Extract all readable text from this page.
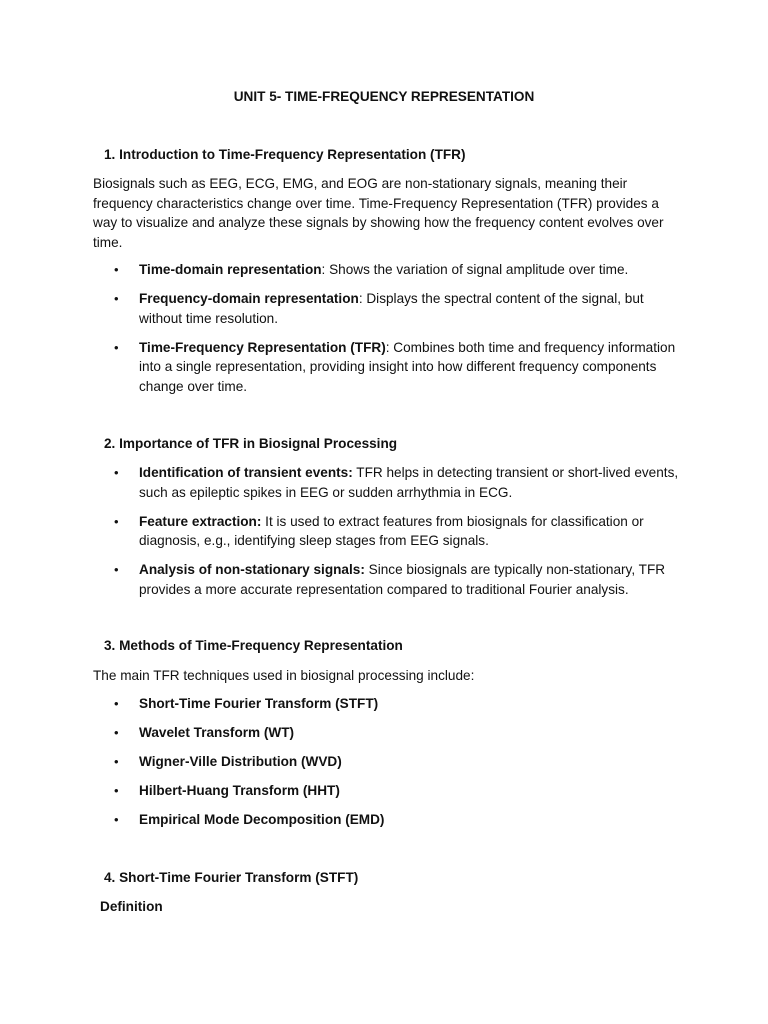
UNIT 5- TIME-FREQUENCY REPRESENTATION
1. Introduction to Time-Frequency Representation (TFR)
Biosignals such as EEG, ECG, EMG, and EOG are non-stationary signals, meaning their frequency characteristics change over time. Time-Frequency Representation (TFR) provides a way to visualize and analyze these signals by showing how the frequency content evolves over time.
• Time-domain representation: Shows the variation of signal amplitude over time.
• Frequency-domain representation: Displays the spectral content of the signal, but without time resolution.
• Time-Frequency Representation (TFR): Combines both time and frequency information into a single representation, providing insight into how different frequency components change over time.
2. Importance of TFR in Biosignal Processing
• Identification of transient events: TFR helps in detecting transient or short-lived events, such as epileptic spikes in EEG or sudden arrhythmia in ECG.
• Feature extraction: It is used to extract features from biosignals for classification or diagnosis, e.g., identifying sleep stages from EEG signals.
• Analysis of non-stationary signals: Since biosignals are typically non-stationary, TFR provides a more accurate representation compared to traditional Fourier analysis.
3. Methods of Time-Frequency Representation
The main TFR techniques used in biosignal processing include:
• Short-Time Fourier Transform (STFT)
• Wavelet Transform (WT)
• Wigner-Ville Distribution (WVD)
• Hilbert-Huang Transform (HHT)
• Empirical Mode Decomposition (EMD)
4. Short-Time Fourier Transform (STFT)
Definition
